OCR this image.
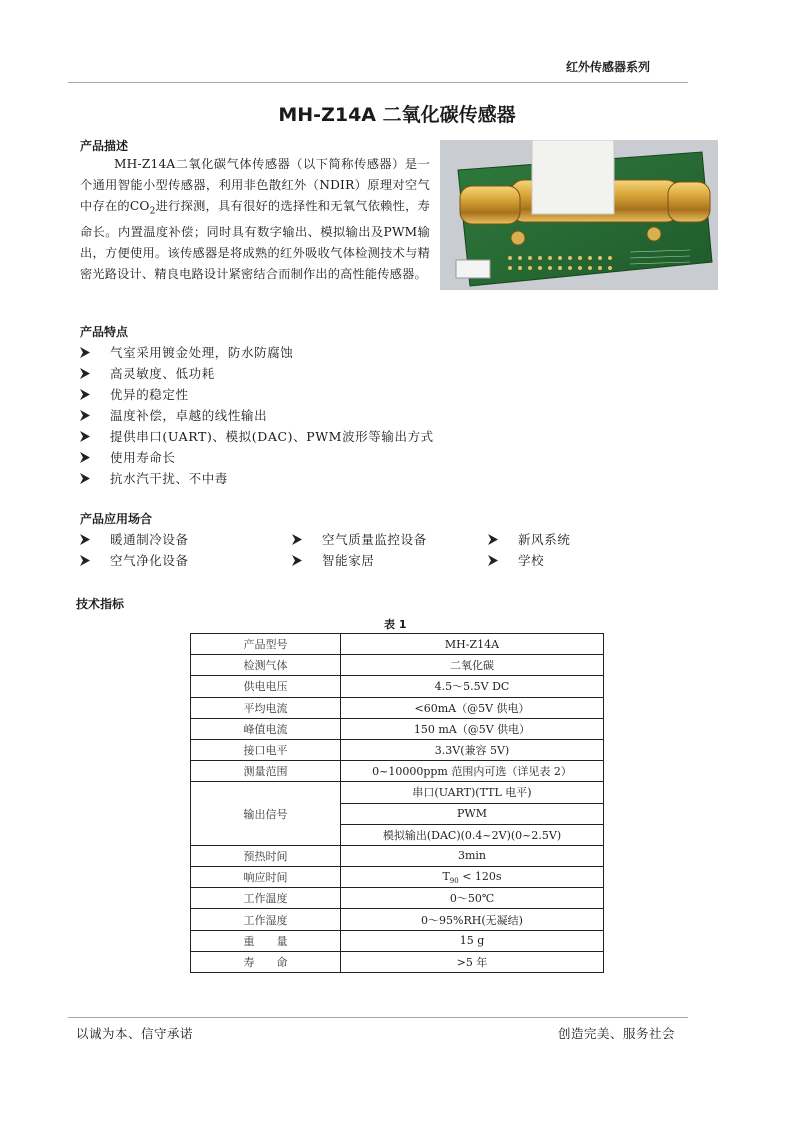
红外传感器系列
MH-Z14A 二氧化碳传感器
产品描述
MH-Z14A二氧化碳气体传感器（以下简称传感器）是一个通用智能小型传感器，利用非色散红外（NDIR）原理对空气中存在的$CO_2$进行探测，具有很好的选择性和无氧气依赖性，寿命长。内置温度补偿；同时具有数字输出、模拟输出及PWM输出，方便使用。该传感器是将成熟的红外吸收气体检测技术与精密光路设计、精良电路设计紧密结合而制作出的高性能传感器。
产品特点
气室采用镀金处理，防水防腐蚀
高灵敏度、低功耗
优异的稳定性
温度补偿，卓越的线性输出
提供串口(UART)、模拟(DAC)、PWM波形等输出方式
使用寿命长
抗水汽干扰、不中毒
产品应用场合
暖通制冷设备	空气质量监控设备	新风系统
空气净化设备	智能家居	学校
技术指标
表 1
产品型号	MH-Z14A
检测气体	二氧化碳
供电电压	4.5～5.5V DC
平均电流	<60mA（@5V 供电）
峰值电流	150 mA（@5V 供电）
接口电平	3.3V(兼容 5V)
测量范围	0~10000ppm 范围内可选（详见表 2）
输出信号	串口(UART)(TTL 电平)
	PWM
	模拟输出(DAC)(0.4~2V)(0~2.5V)
预热时间	3min
响应时间	$T_{90} < 120s$
工作温度	0～50℃
工作湿度	0～95%RH(无凝结)
重　　量	15 g
寿　　命	>5 年
以诚为本、信守承诺	创造完美、服务社会
